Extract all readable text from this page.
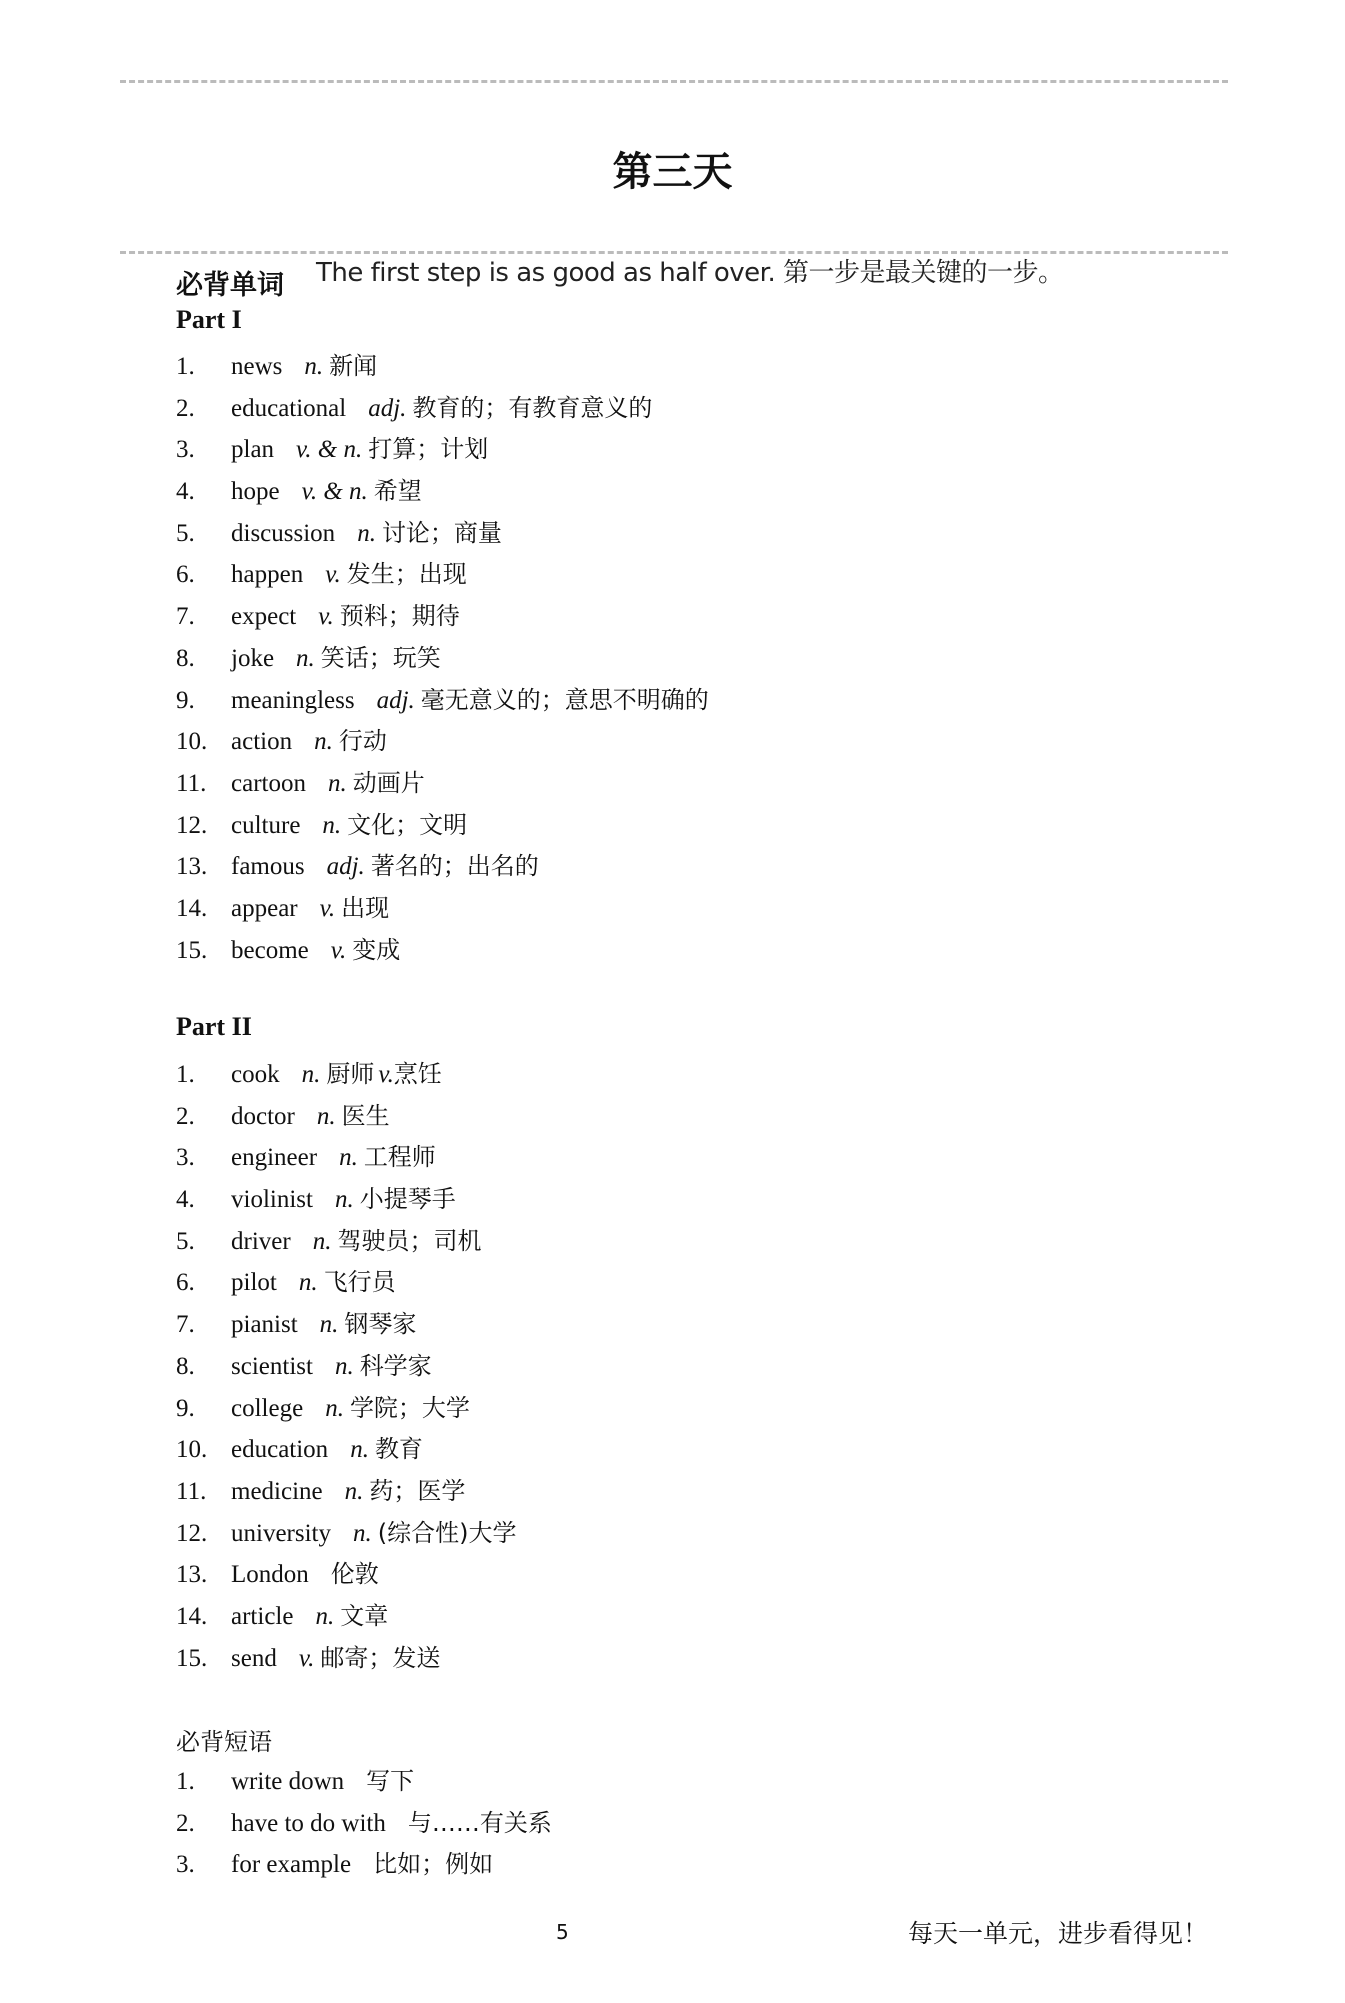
第三天
必背单词 The first step is as good as half over. 第一步是最关键的一步。
Part I
1. news n. 新闻
2. educational adj. 教育的；有教育意义的
3. plan v. & n. 打算；计划
4. hope v. & n. 希望
5. discussion n. 讨论；商量
6. happen v. 发生；出现
7. expect v. 预料；期待
8. joke n. 笑话；玩笑
9. meaningless adj. 毫无意义的；意思不明确的
10. action n. 行动
11. cartoon n. 动画片
12. culture n. 文化；文明
13. famous adj. 著名的；出名的
14. appear v. 出现
15. become v. 变成
Part II
1. cook n. 厨师 v.烹饪
2. doctor n. 医生
3. engineer n. 工程师
4. violinist n. 小提琴手
5. driver n. 驾驶员；司机
6. pilot n. 飞行员
7. pianist n. 钢琴家
8. scientist n. 科学家
9. college n. 学院；大学
10. education n. 教育
11. medicine n. 药；医学
12. university n. (综合性)大学
13. London 伦敦
14. article n. 文章
15. send v. 邮寄；发送
必背短语
1. write down 写下
2. have to do with 与……有关系
3. for example 比如；例如
5	每天一单元，进步看得见！
